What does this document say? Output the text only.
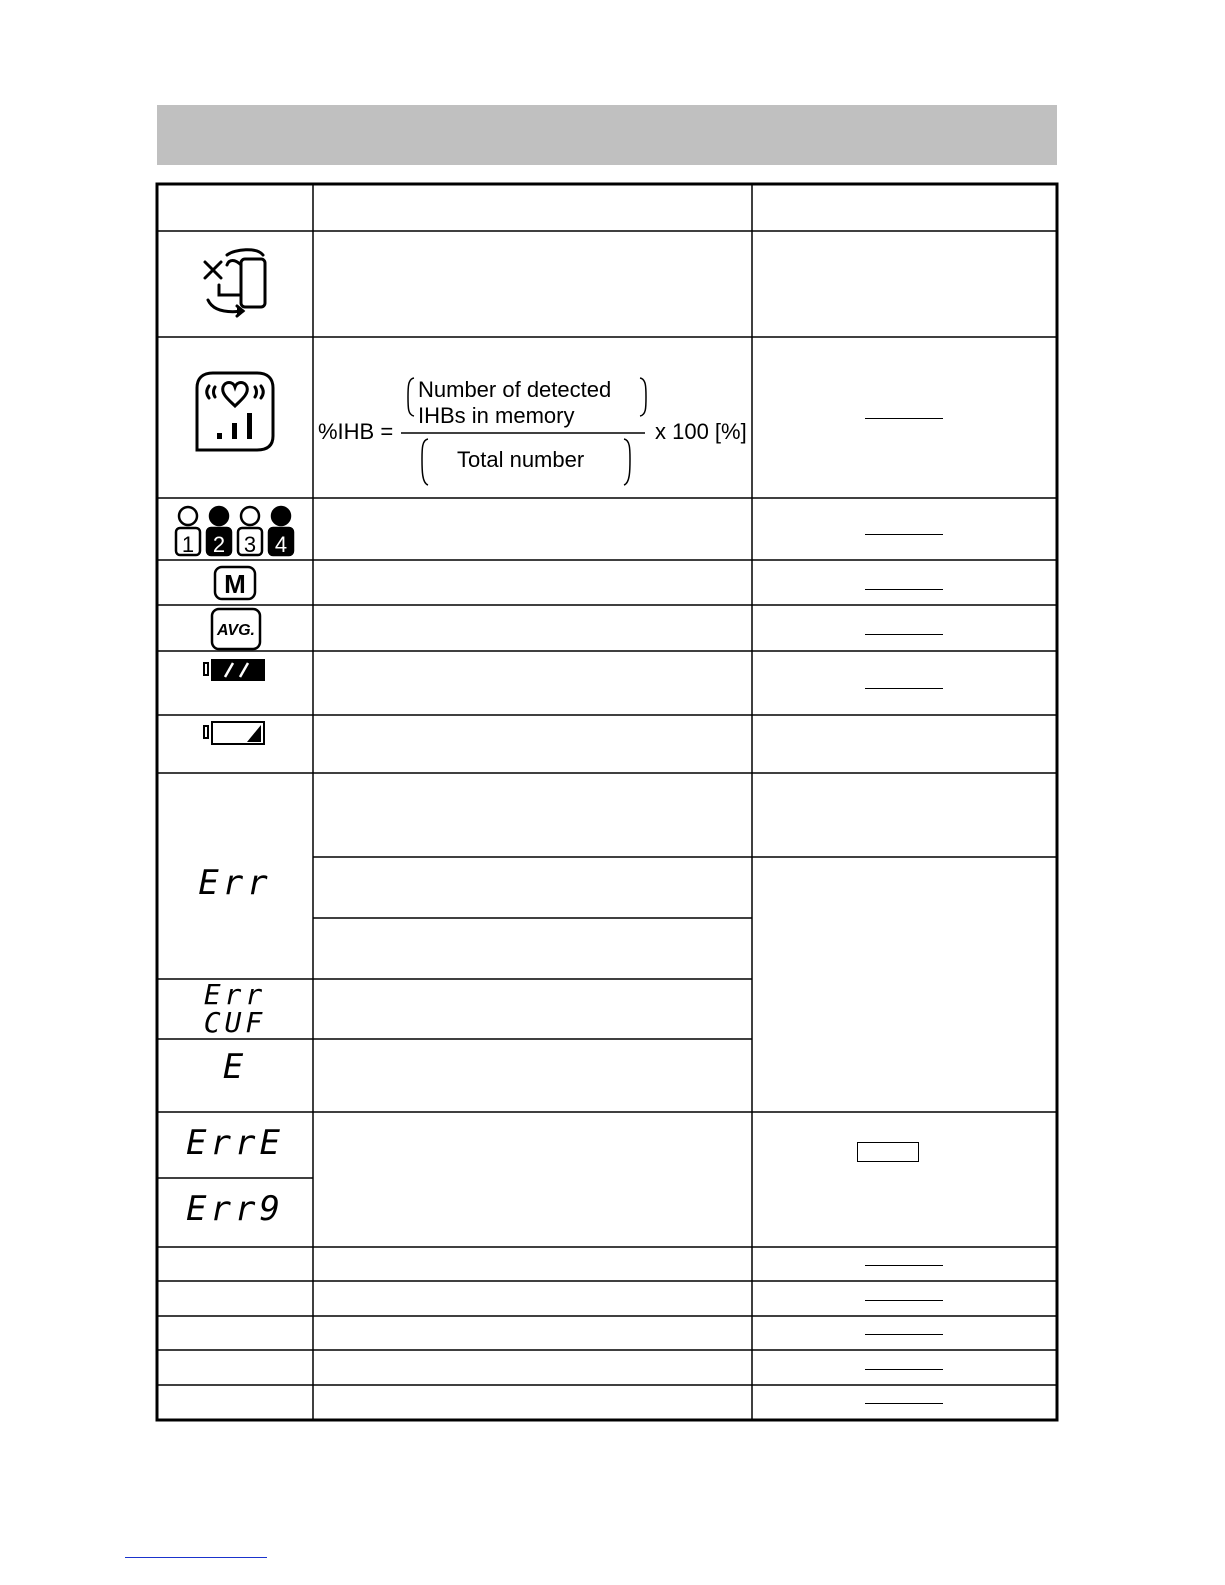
%IHB =
Number of detected
IHBs in memory
Total number
x 100 [%]
1 2 3 4
M
AVG.
Err
Err
CUF
E
ErrE
Err9
